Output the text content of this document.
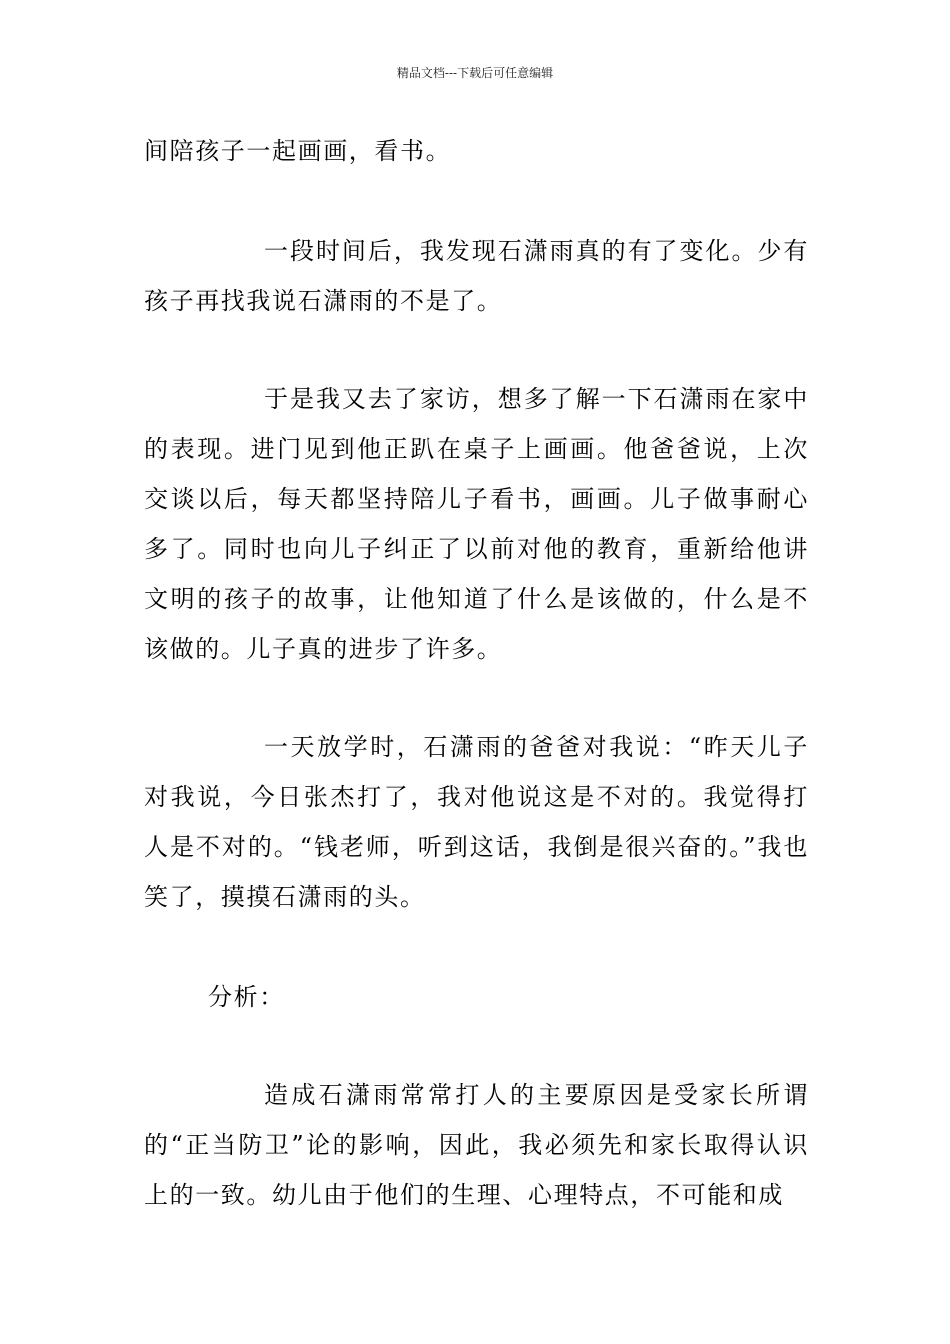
精品文档---下载后可任意编辑

间陪孩子一起画画，看书。

一段时间后，我发现石潇雨真的有了变化。少有孩子再找我说石潇雨的不是了。

于是我又去了家访，想多了解一下石潇雨在家中的表现。进门见到他正趴在桌子上画画。他爸爸说，上次交谈以后，每天都坚持陪儿子看书，画画。儿子做事耐心多了。同时也向儿子纠正了以前对他的教育，重新给他讲文明的孩子的故事，让他知道了什么是该做的，什么是不该做的。儿子真的进步了许多。

一天放学时，石潇雨的爸爸对我说：“昨天儿子对我说，今日张杰打了，我对他说这是不对的。我觉得打人是不对的。“钱老师，听到这话，我倒是很兴奋的。”我也笑了，摸摸石潇雨的头。

分析：

造成石潇雨常常打人的主要原因是受家长所谓的“正当防卫”论的影响，因此，我必须先和家长取得认识上的一致。幼儿由于他们的生理、心理特点，不可能和成
